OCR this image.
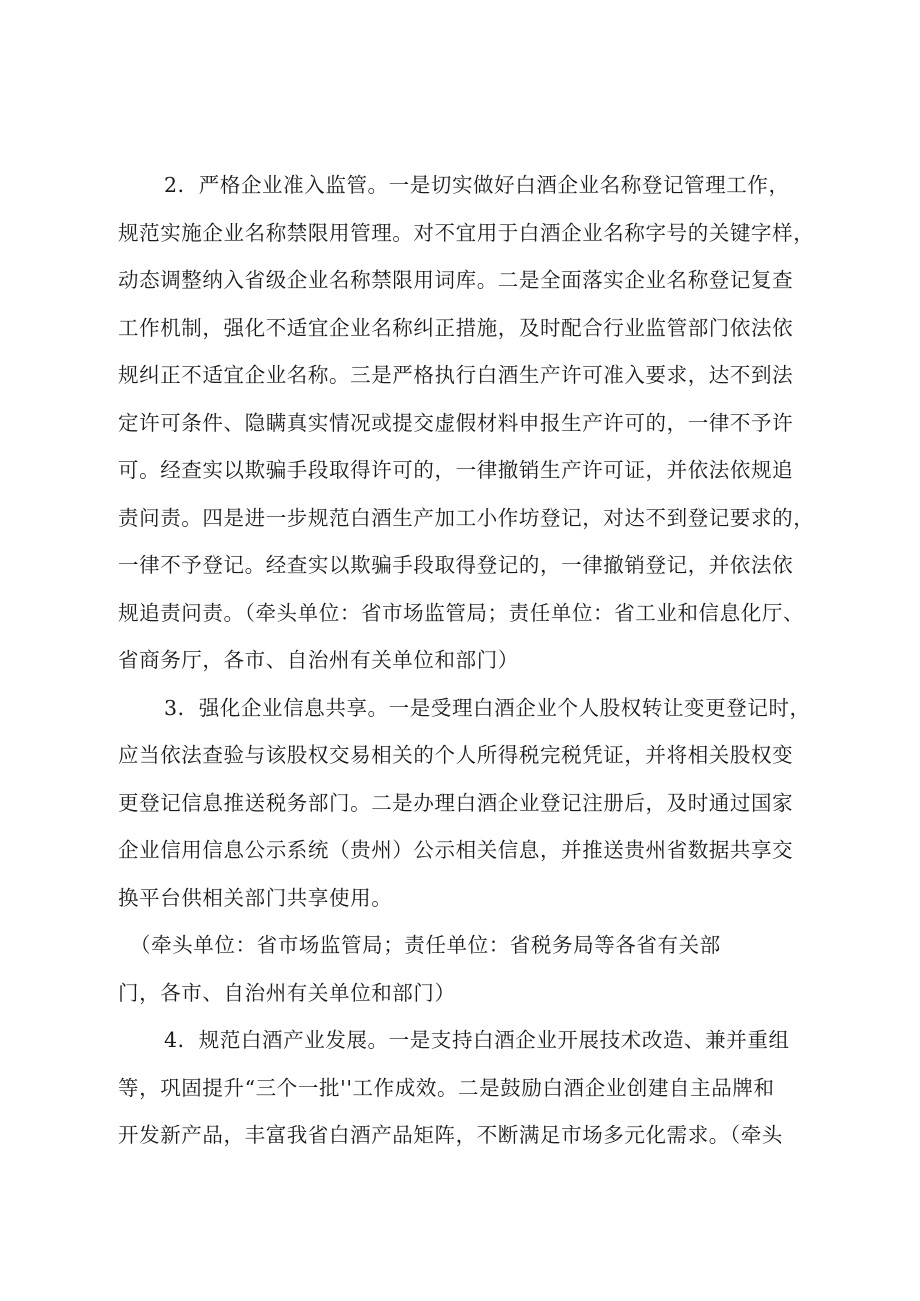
2．严格企业准入监管。一是切实做好白酒企业名称登记管理工作，
规范实施企业名称禁限用管理。对不宜用于白酒企业名称字号的关键字样，
动态调整纳入省级企业名称禁限用词库。二是全面落实企业名称登记复查
工作机制，强化不适宜企业名称纠正措施，及时配合行业监管部门依法依
规纠正不适宜企业名称。三是严格执行白酒生产许可准入要求，达不到法
定许可条件、隐瞒真实情况或提交虚假材料申报生产许可的，一律不予许
可。经查实以欺骗手段取得许可的，一律撤销生产许可证，并依法依规追
责问责。四是进一步规范白酒生产加工小作坊登记，对达不到登记要求的，
一律不予登记。经查实以欺骗手段取得登记的，一律撤销登记，并依法依
规追责问责。（牵头单位：省市场监管局；责任单位：省工业和信息化厅、
省商务厅，各市、自治州有关单位和部门）
3．强化企业信息共享。一是受理白酒企业个人股权转让变更登记时，
应当依法查验与该股权交易相关的个人所得税完税凭证，并将相关股权变
更登记信息推送税务部门。二是办理白酒企业登记注册后，及时通过国家
企业信用信息公示系统（贵州）公示相关信息，并推送贵州省数据共享交
换平台供相关部门共享使用。
（牵头单位：省市场监管局；责任单位：省税务局等各省有关部
门，各市、自治州有关单位和部门）
4．规范白酒产业发展。一是支持白酒企业开展技术改造、兼并重组
等，巩固提升“三个一批''工作成效。二是鼓励白酒企业创建自主品牌和
开发新产品，丰富我省白酒产品矩阵，不断满足市场多元化需求。（牵头
